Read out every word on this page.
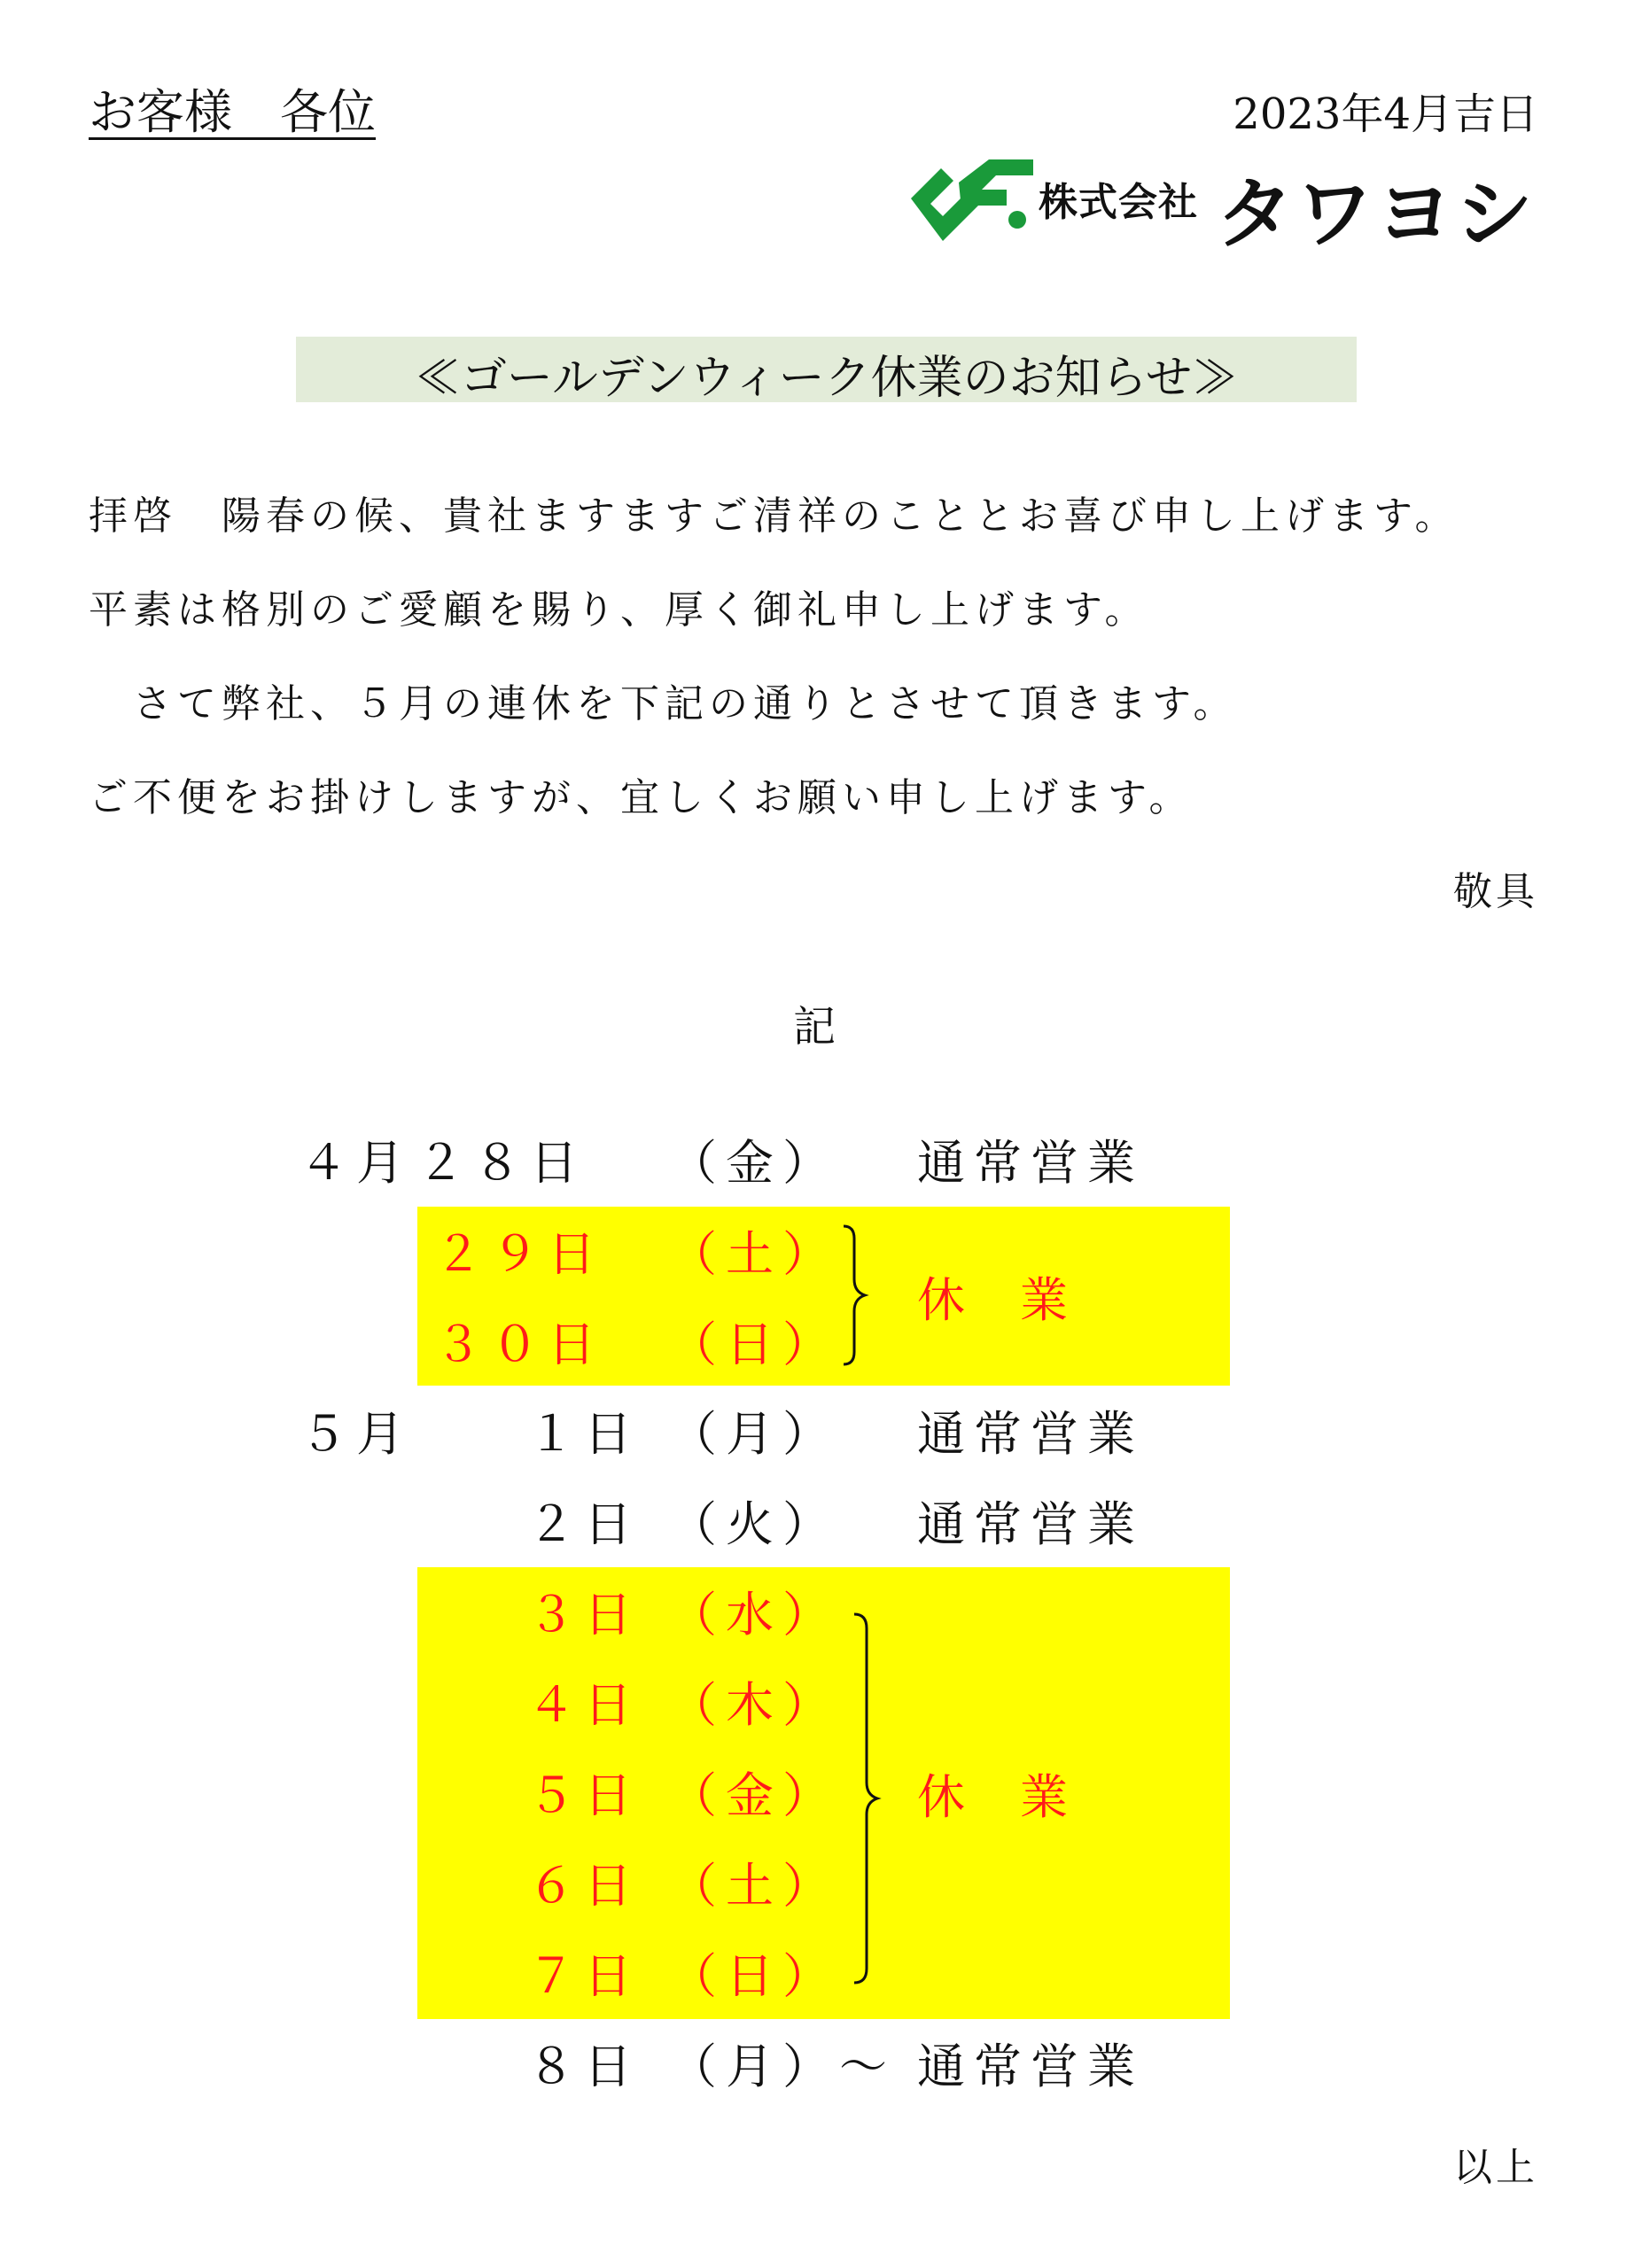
お客様　各位	2023年4月吉日
株式会社 タワヨシ
≪ゴールデンウィーク休業のお知らせ≫
拝啓　陽春の候、貴社ますますご清祥のこととお喜び申し上げます。
平素は格別のご愛顧を賜り、厚く御礼申し上げます。
　さて弊社、５月の連休を下記の通りとさせて頂きます。
ご不便をお掛けしますが、宜しくお願い申し上げます。
敬具
記
４月 ２８日 （金） 通常営業
２９日 （土）
３０日 （日）
休　業
５月 １日 （月） 通常営業
２日 （火） 通常営業
３日 （水）
４日 （木）
５日 （金）
６日 （土）
７日 （日）
休　業
８日 （月）〜 通常営業
以上
